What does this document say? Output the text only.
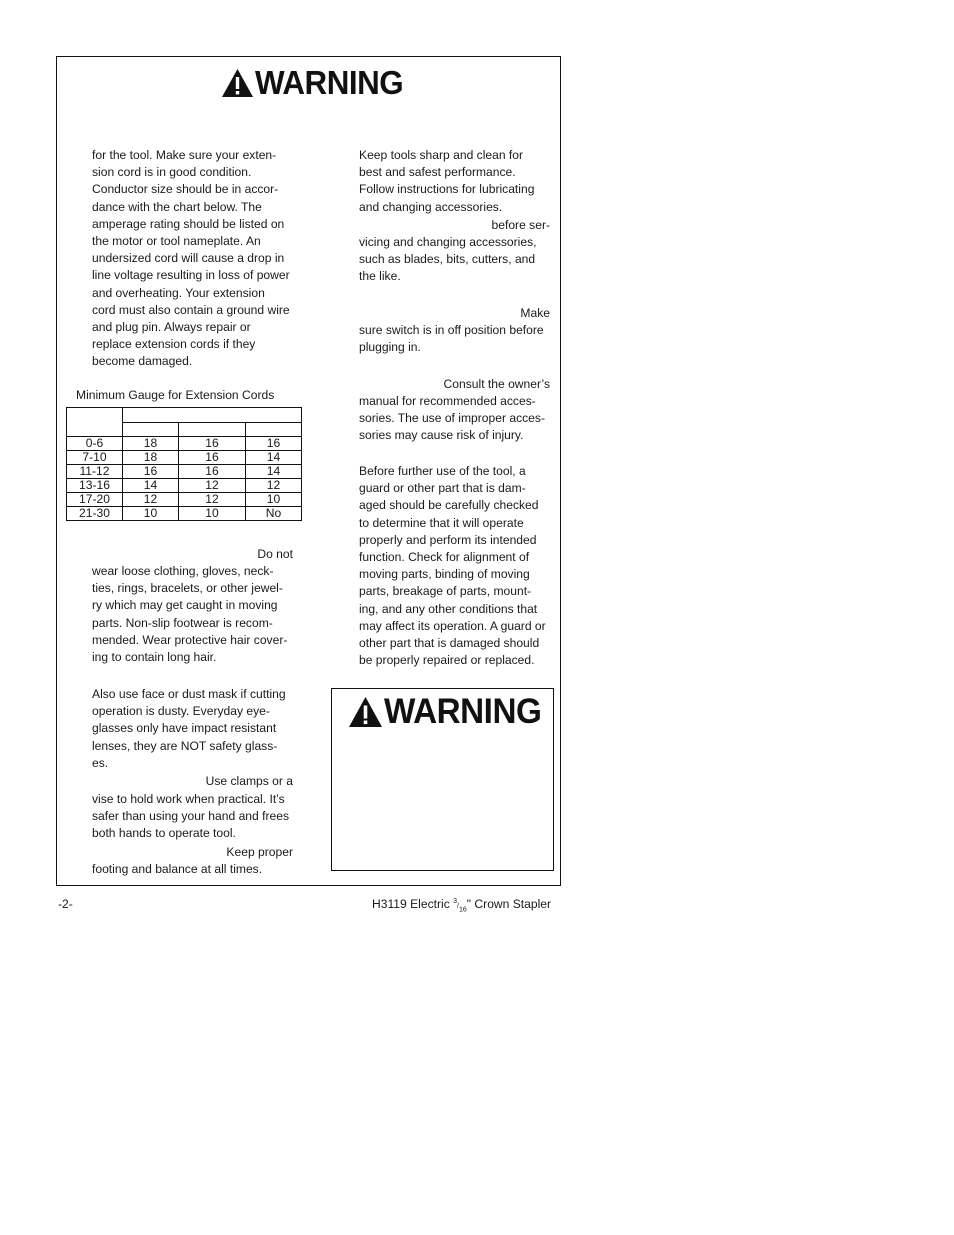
WARNING

for the tool. Make sure your exten-
sion cord is in good condition.
Conductor size should be in accor-
dance with the chart below. The
amperage rating should be listed on
the motor or tool nameplate. An
undersized cord will cause a drop in
line voltage resulting in loss of power
and overheating. Your extension
cord must also contain a ground wire
and plug pin. Always repair or
replace extension cords if they
become damaged.

Minimum Gauge for Extension Cords

0-6	18	16	16
7-10	18	16	14
11-12	16	16	14
13-16	14	12	12
17-20	12	12	10
21-30	10	10	No

Do not

wear loose clothing, gloves, neck-
ties, rings, bracelets, or other jewel-
ry which may get caught in moving
parts. Non-slip footwear is recom-
mended. Wear protective hair cover-
ing to contain long hair.

Also use face or dust mask if cutting
operation is dusty. Everyday eye-
glasses only have impact resistant
lenses, they are NOT safety glass-
es.

Use clamps or a

vise to hold work when practical. It’s
safer than using your hand and frees
both hands to operate tool.

Keep proper

footing and balance at all times.

Keep tools sharp and clean for
best and safest performance.
Follow instructions for lubricating
and changing accessories.

before ser-

vicing and changing accessories,
such as blades, bits, cutters, and
the like.

Make

sure switch is in off position before
plugging in.

Consult the owner’s

manual for recommended acces-
sories. The use of improper acces-
sories may cause risk of injury.

Before further use of the tool, a
guard or other part that is dam-
aged should be carefully checked
to determine that it will operate
properly and perform its intended
function. Check for alignment of
moving parts, binding of moving
parts, breakage of parts, mount-
ing, and any other conditions that
may affect its operation. A guard or
other part that is damaged should
be properly repaired or replaced.

WARNING
-2-	H3119 Electric $^3/_{16}$" Crown Stapler
